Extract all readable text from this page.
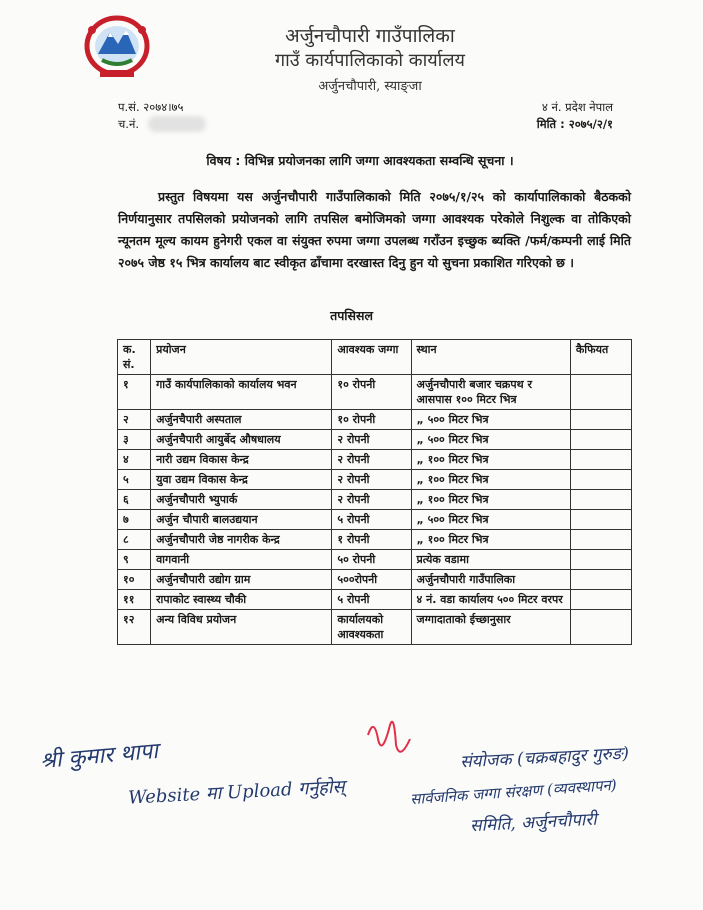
अर्जुनचौपारी गाउँपालिका
गाउँ कार्यपालिकाको कार्यालय
अर्जुनचौपारी, स्याङ्जा
प.सं. २०७४।७५
च.नं.
४ नं. प्रदेश नेपाल
मिति : २०७५/२/१
विषय : विभिन्न प्रयोजनका लागि जग्गा आवश्यकता सम्वन्धि सूचना ।
प्रस्तुत विषयमा यस अर्जुनचौपारी गाउँपालिकाको मिति २०७५/१/२५ को कार्यापालिकाको बैठकको निर्णयानुसार तपसिलको प्रयोजनको लागि तपसिल बमोजिमको जग्गा आवश्यक परेकोले निशुल्क वा तोकिएको न्यूनतम मूल्य कायम हुनेगरी एकल वा संयुक्त रुपमा जग्गा उपलब्ध गराँउन इच्छुक ब्यक्ति /फर्म/कम्पनी लाई मिति २०७५ जेष्ठ १५ भित्र कार्यालय बाट स्वीकृत ढाँचामा दरखास्त दिनु हुन यो सुचना प्रकाशित गरिएको छ ।
तपसिसल
क. सं.	प्रयोजन	आवश्यक जग्गा	स्थान	कैफियत
१	गाउँ कार्यपालिकाको कार्यालय भवन	१० रोपनी	अर्जुनचौपारी बजार चक्रपथ र आसपास १०० मिटर भित्र	
२	अर्जुनचैपारी अस्पताल	१० रोपनी	„ ५०० मिटर भित्र	
३	अर्जुनचैपारी आयुर्बेद औषधालय	२ रोपनी	„ ५०० मिटर भित्र	
४	नारी उद्यम विकास केन्द्र	२ रोपनी	„ १०० मिटर भित्र	
५	युवा उद्यम विकास केन्द्र	२ रोपनी	„ १०० मिटर भित्र	
६	अर्जुनचौपारी भ्युपार्क	२ रोपनी	„ १०० मिटर भित्र	
७	अर्जुन चौपारी बालउद्ययान	५ रोपनी	„ ५०० मिटर भित्र	
८	अर्जुनचौपारी जेष्ठ नागरीक केन्द्र	१ रोपनी	„ १०० मिटर भित्र	
९	वागवानी	५० रोपनी	प्रत्येक वडामा	
१०	अर्जुनचौपारी उद्योग ग्राम	५००रोपनी	अर्जुनचौपारी गाउँपालिका	
११	रापाकोट स्वास्थ्य चौकी	५ रोपनी	४ नं. वडा कार्यालय ५०० मिटर वरपर	
१२	अन्य विविध प्रयोजन	कार्यालयको आवश्यकता	जग्गादाताको ईच्छानुसार	
श्री कुमार थापा
Website मा Upload गर्नुहोस्
संयोजक (चक्रबहादुर गुरुङ)
सार्वजनिक जग्गा संरक्षण (व्यवस्थापन)
समिति, अर्जुनचौपारी
